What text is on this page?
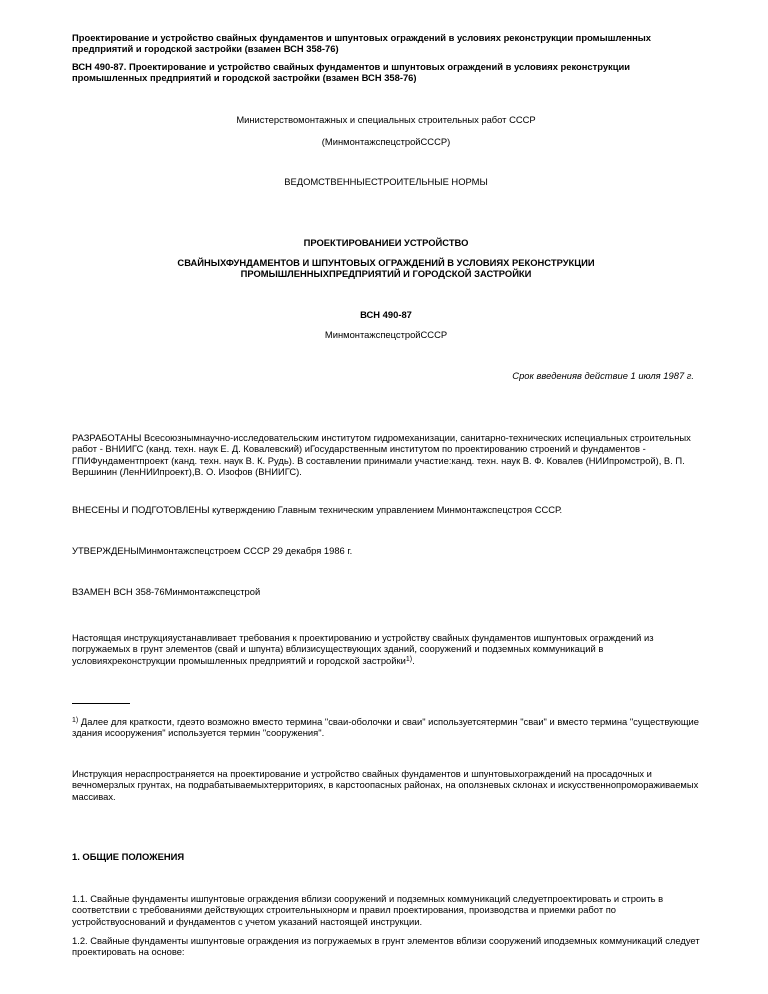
Проектирование и устройство свайных фундаментов и шпунтовых ограждений в условиях реконструкции промышленных предприятий и городской застройки (взамен ВСН 358-76)

ВСН 490-87. Проектирование и устройство свайных фундаментов и шпунтовых ограждений в условиях реконструкции промышленных предприятий и городской застройки (взамен ВСН 358-76)

Министерствомонтажных и специальных строительных работ СССР

(МинмонтажспецстройСССР)

ВЕДОМСТВЕННЫЕСТРОИТЕЛЬНЫЕ НОРМЫ

ПРОЕКТИРОВАНИЕИ УСТРОЙСТВО

СВАЙНЫХФУНДАМЕНТОВ И ШПУНТОВЫХ ОГРАЖДЕНИЙ В УСЛОВИЯХ РЕКОНСТРУКЦИИ ПРОМЫШЛЕННЫХПРЕДПРИЯТИЙ И ГОРОДСКОЙ ЗАСТРОЙКИ

ВСН 490-87

МинмонтажспецстройСССР

Срок введенияв действие 1 июля 1987 г.

РАЗРАБОТАНЫ Всесоюзнымнаучно-исследовательским институтом гидромеханизации, санитарно-технических испециальных строительных работ - ВНИИГС (канд. техн. наук Е. Д. Ковалевский) иГосударственным институтом по проектированию строений и фундаментов - ГПИФундаментпроект (канд. техн. наук В. К. Рудь). В составлении принимали участие:канд. техн. наук В. Ф. Ковалев (НИИпромстрой), В. П. Вершинин (ЛенНИИпроект),В. О. Изофов (ВНИИГС).

ВНЕСЕНЫ И ПОДГОТОВЛЕНЫ кутверждению Главным техническим управлением Минмонтажспецстроя СССР.

УТВЕРЖДЕНЫМинмонтажспецстроем СССР 29 декабря 1986 г.

ВЗАМЕН ВСН 358-76Минмонтажспецстрой

Настоящая инструкцияустанавливает требования к проектированию и устройству свайных фундаментов ишпунтовых ограждений из погружаемых в грунт элементов (свай и шпунта) вблизисуществующих зданий, сооружений и подземных коммуникаций в условияхреконструкции промышленных предприятий и городской застройки$^{1)}$.

$^{1)}$ Далее для краткости, гдеэто возможно вместо термина "сваи-оболочки и сваи" используетсятермин "сваи" и вместо термина "существующие здания исооружения" используется термин "сооружения".

Инструкция нераспространяется на проектирование и устройство свайных фундаментов и шпунтовыхограждений на просадочных и вечномерзлых грунтах, на подрабатываемыхтерриториях, в карстоопасных районах, на оползневых склонах и искусственнопромораживаемых массивах.

1. ОБЩИЕ ПОЛОЖЕНИЯ

1.1. Свайные фундаменты ишпунтовые ограждения вблизи сооружений и подземных коммуникаций следуетпроектировать и строить в соответствии с требованиями действующих строительныхнорм и правил проектирования, производства и приемки работ по устройствуоснований и фундаментов с учетом указаний настоящей инструкции.

1.2. Свайные фундаменты ишпунтовые ограждения из погружаемых в грунт элементов вблизи сооружений иподземных коммуникаций следует проектировать на основе:
